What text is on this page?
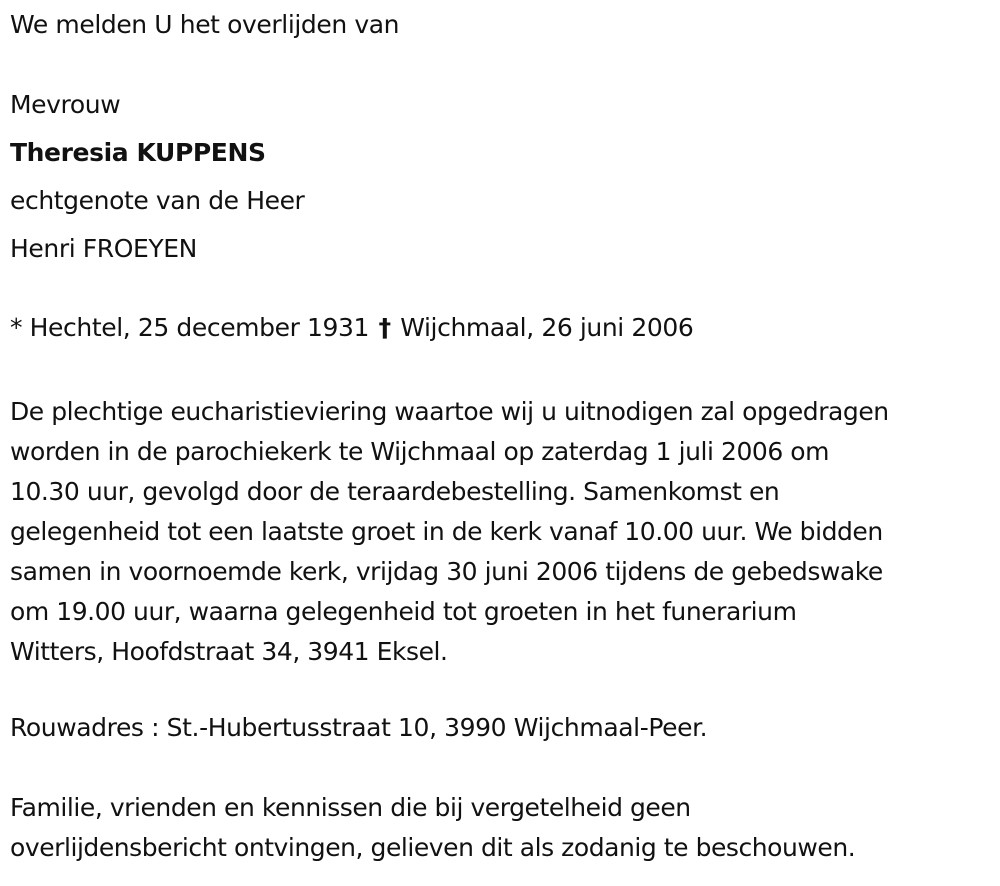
We melden U het overlijden van
Mevrouw
Theresia KUPPENS
echtgenote van de Heer
Henri FROEYEN
* Hechtel, 25 december 1931 † Wijchmaal, 26 juni 2006
De plechtige eucharistieviering waartoe wij u uitnodigen zal opgedragen
worden in de parochiekerk te Wijchmaal op zaterdag 1 juli 2006 om
10.30 uur, gevolgd door de teraardebestelling. Samenkomst en
gelegenheid tot een laatste groet in de kerk vanaf 10.00 uur. We bidden
samen in voornoemde kerk, vrijdag 30 juni 2006 tijdens de gebedswake
om 19.00 uur, waarna gelegenheid tot groeten in het funerarium
Witters, Hoofdstraat 34, 3941 Eksel.
Rouwadres : St.-Hubertusstraat 10, 3990 Wijchmaal-Peer.
Familie, vrienden en kennissen die bij vergetelheid geen
overlijdensbericht ontvingen, gelieven dit als zodanig te beschouwen.
